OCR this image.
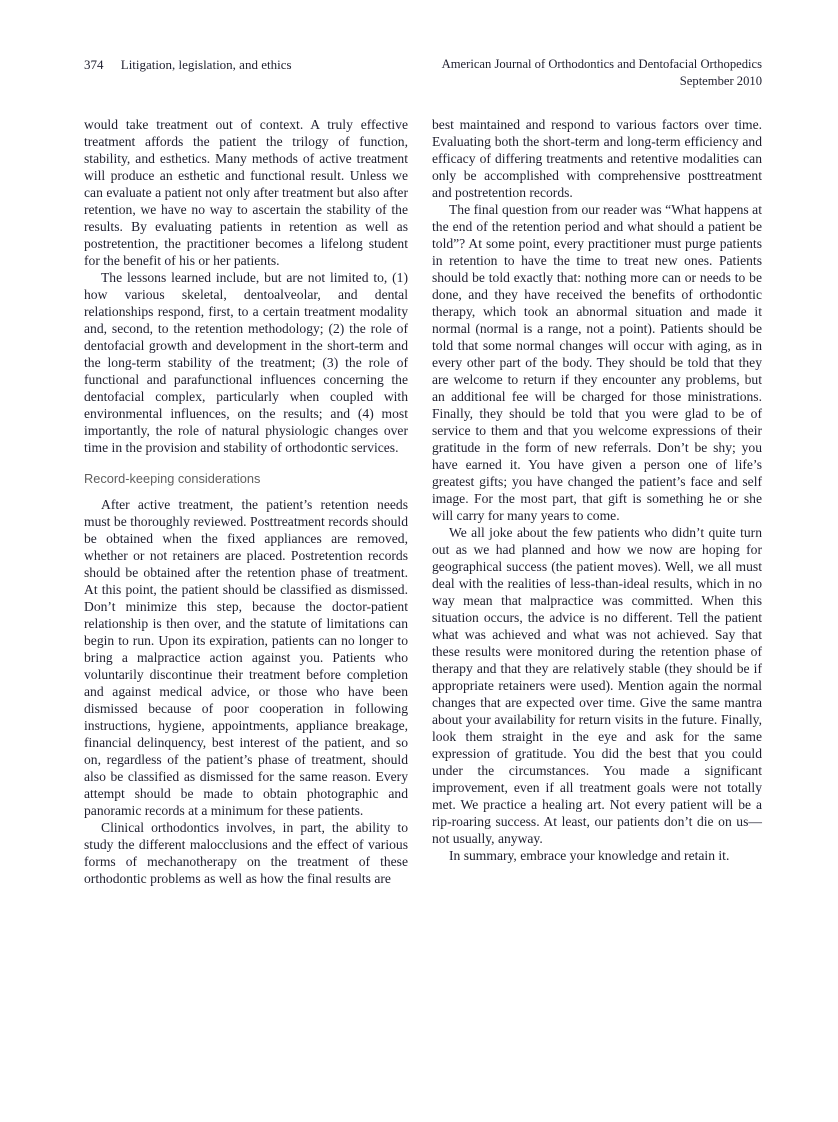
374 Litigation, legislation, and ethics	American Journal of Orthodontics and Dentofacial Orthopedics
September 2010

would take treatment out of context. A truly effective treatment affords the patient the trilogy of function, stability, and esthetics. Many methods of active treatment will produce an esthetic and functional result. Unless we can evaluate a patient not only after treatment but also after retention, we have no way to ascertain the stability of the results. By evaluating patients in retention as well as postretention, the practitioner becomes a lifelong student for the benefit of his or her patients.

The lessons learned include, but are not limited to, (1) how various skeletal, dentoalveolar, and dental relationships respond, first, to a certain treatment modality and, second, to the retention methodology; (2) the role of dentofacial growth and development in the short-term and the long-term stability of the treatment; (3) the role of functional and parafunctional influences concerning the dentofacial complex, particularly when coupled with environmental influences, on the results; and (4) most importantly, the role of natural physiologic changes over time in the provision and stability of orthodontic services.

Record-keeping considerations

After active treatment, the patient’s retention needs must be thoroughly reviewed. Posttreatment records should be obtained when the fixed appliances are removed, whether or not retainers are placed. Postretention records should be obtained after the retention phase of treatment. At this point, the patient should be classified as dismissed. Don’t minimize this step, because the doctor-patient relationship is then over, and the statute of limitations can begin to run. Upon its expiration, patients can no longer to bring a malpractice action against you. Patients who voluntarily discontinue their treatment before completion and against medical advice, or those who have been dismissed because of poor cooperation in following instructions, hygiene, appointments, appliance breakage, financial delinquency, best interest of the patient, and so on, regardless of the patient’s phase of treatment, should also be classified as dismissed for the same reason. Every attempt should be made to obtain photographic and panoramic records at a minimum for these patients.

Clinical orthodontics involves, in part, the ability to study the different malocclusions and the effect of various forms of mechanotherapy on the treatment of these orthodontic problems as well as how the final results are

best maintained and respond to various factors over time. Evaluating both the short-term and long-term efficiency and efficacy of differing treatments and retentive modalities can only be accomplished with comprehensive posttreatment and postretention records.

The final question from our reader was “What happens at the end of the retention period and what should a patient be told”? At some point, every practitioner must purge patients in retention to have the time to treat new ones. Patients should be told exactly that: nothing more can or needs to be done, and they have received the benefits of orthodontic therapy, which took an abnormal situation and made it normal (normal is a range, not a point). Patients should be told that some normal changes will occur with aging, as in every other part of the body. They should be told that they are welcome to return if they encounter any problems, but an additional fee will be charged for those ministrations. Finally, they should be told that you were glad to be of service to them and that you welcome expressions of their gratitude in the form of new referrals. Don’t be shy; you have earned it. You have given a person one of life’s greatest gifts; you have changed the patient’s face and self image. For the most part, that gift is something he or she will carry for many years to come.

We all joke about the few patients who didn’t quite turn out as we had planned and how we now are hoping for geographical success (the patient moves). Well, we all must deal with the realities of less-than-ideal results, which in no way mean that malpractice was committed. When this situation occurs, the advice is no different. Tell the patient what was achieved and what was not achieved. Say that these results were monitored during the retention phase of therapy and that they are relatively stable (they should be if appropriate retainers were used). Mention again the normal changes that are expected over time. Give the same mantra about your availability for return visits in the future. Finally, look them straight in the eye and ask for the same expression of gratitude. You did the best that you could under the circumstances. You made a significant improvement, even if all treatment goals were not totally met. We practice a healing art. Not every patient will be a rip-roaring success. At least, our patients don’t die on us—not usually, anyway.

In summary, embrace your knowledge and retain it.
